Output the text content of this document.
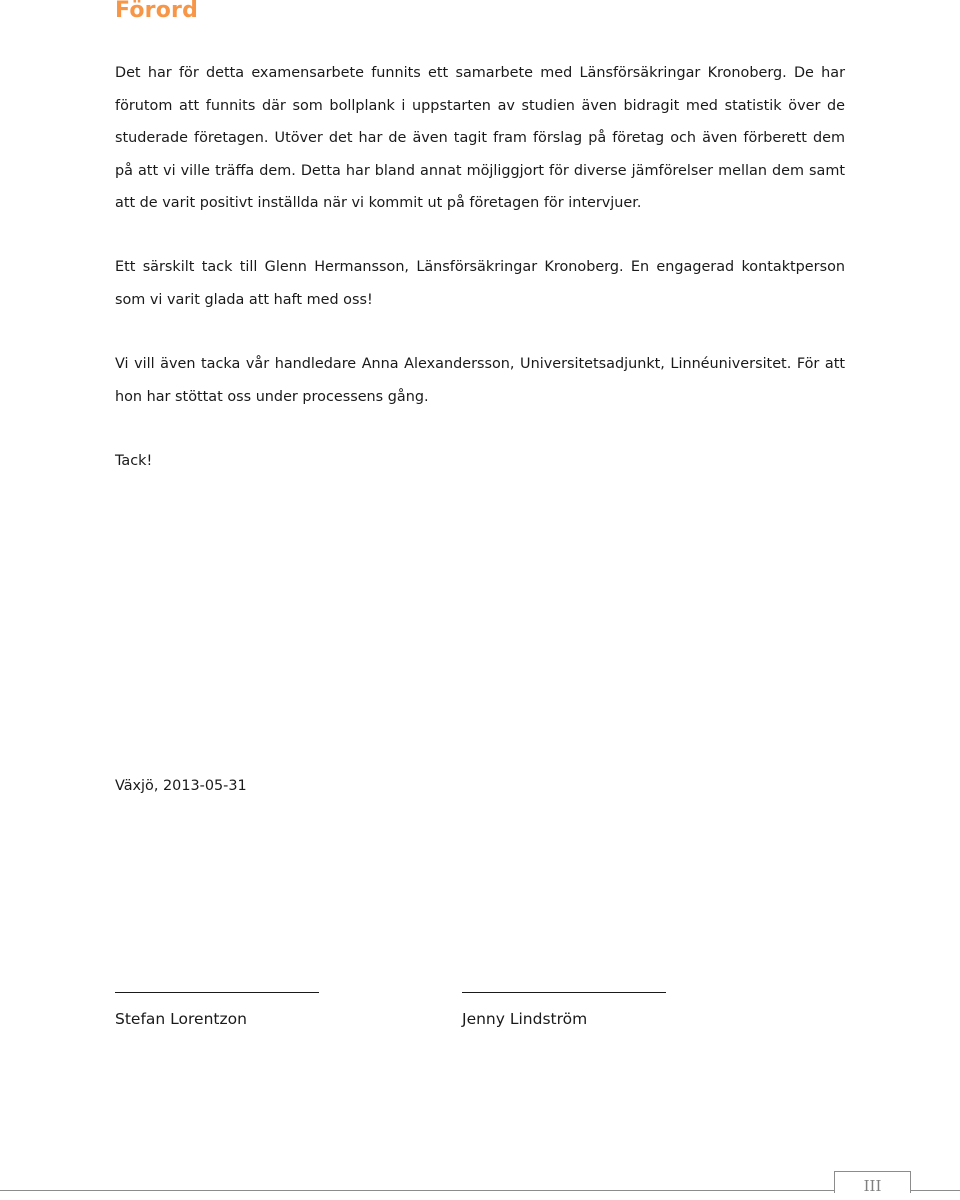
Förord

Det har för detta examensarbete funnits ett samarbete med Länsförsäkringar Kronoberg. De har förutom att funnits där som bollplank i uppstarten av studien även bidragit med statistik över de studerade företagen. Utöver det har de även tagit fram förslag på företag och även förberett dem på att vi ville träffa dem. Detta har bland annat möjliggjort för diverse jämförelser mellan dem samt att de varit positivt inställda när vi kommit ut på företagen för intervjuer.

Ett särskilt tack till Glenn Hermansson, Länsförsäkringar Kronoberg. En engagerad kontaktperson som vi varit glada att haft med oss!

Vi vill även tacka vår handledare Anna Alexandersson, Universitetsadjunkt, Linnéuniversitet. För att hon har stöttat oss under processens gång.

Tack!

Växjö, 2013-05-31

Stefan Lorentzon	Jenny Lindström

III
